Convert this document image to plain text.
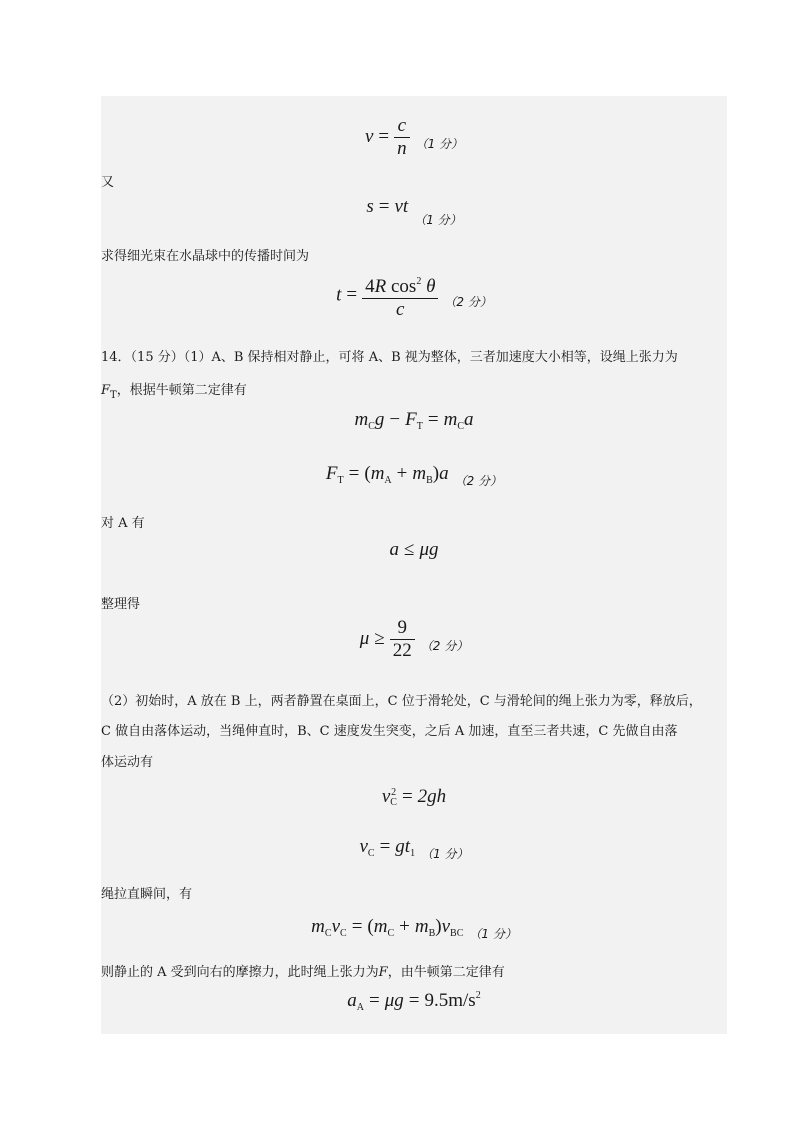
$v = \frac{c}{n} _{(1 分)}$
又
$s = vt_{(1 分)}$
求得细光束在水晶球中的传播时间为
$t = \frac{4R \cos^2 \theta}{c} _{(2 分)}$
14．（15 分）（1）A、B 保持相对静止，可将 A、B 视为整体，三者加速度大小相等，设绳上张力为
$F_T$，根据牛顿第二定律有
$m_Cg - F_T = m_Ca$
$F_T = (m_A + m_B)a$ $_{(2 分)}$
对 A 有
a ≤ μg
整理得
$\mu \ge \frac{9}{22} _{(2 分)}$
（2）初始时，A 放在 B 上，两者静置在桌面上，C 位于滑轮处，C 与滑轮间的绳上张力为零，释放后，
C 做自由落体运动，当绳伸直时，B、C 速度发生突变，之后 A 加速，直至三者共速，C 先做自由落
体运动有
v 2
C = 2gh
$v_C = gt_1$ $_{(1 分)}$
绳拉直瞬间，有
$m_Cv_C = (m_C + m_B)v_{BC}$ $_{(1 分)}$
则静止的 A 受到向右的摩擦力，此时绳上张力为F，由牛顿第二定律有
$a_A = \mu g = 9.5m/s^2$
